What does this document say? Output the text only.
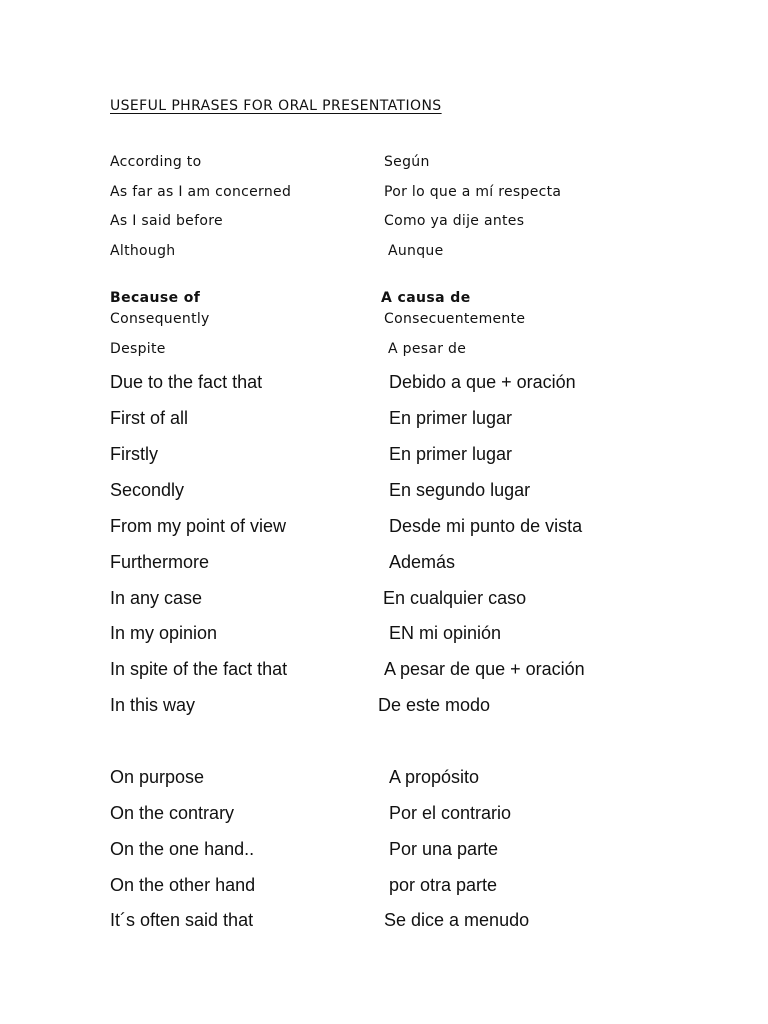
USEFUL PHRASES FOR ORAL PRESENTATIONS
According to	Según
As far as I am concerned	Por lo que a mí respecta
As I said before	Como ya dije antes
Although	Aunque
Because of	A causa de
Consequently	Consecuentemente
Despite	A pesar de
Due to the fact that	Debido a que + oración
First of all	En primer lugar
Firstly	En primer lugar
Secondly	En segundo lugar
From my point of view	Desde mi punto de vista
Furthermore	Además
In any case	En cualquier caso
In my opinion	EN mi opinión
In spite of the fact that	A pesar de que + oración
In this way	De este modo
On purpose	A propósito
On the contrary	Por el contrario
On the one hand..	Por una parte
On the other hand	por otra parte
It´s often said that	Se dice a menudo
